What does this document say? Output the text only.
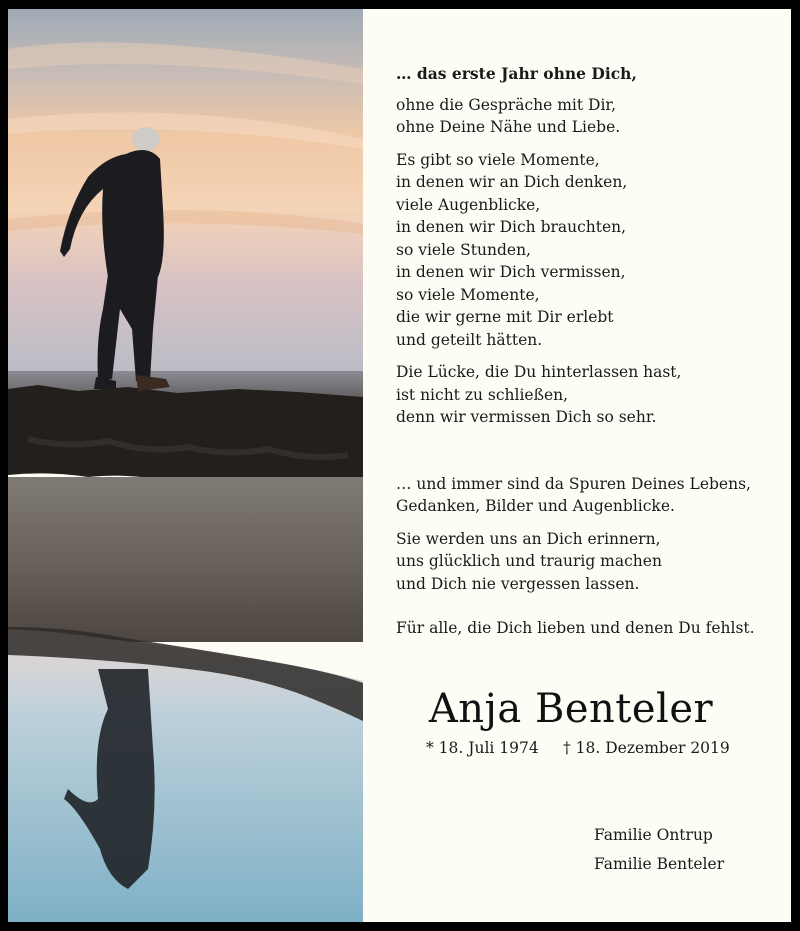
… das erste Jahr ohne Dich,

ohne die Gespräche mit Dir,
ohne Deine Nähe und Liebe.

Es gibt so viele Momente,
in denen wir an Dich denken,
viele Augenblicke,
in denen wir Dich brauchten,
so viele Stunden,
in denen wir Dich vermissen,
so viele Momente,
die wir gerne mit Dir erlebt
und geteilt hätten.

Die Lücke, die Du hinterlassen hast,
ist nicht zu schließen,
denn wir vermissen Dich so sehr.

… und immer sind da Spuren Deines Lebens,
Gedanken, Bilder und Augenblicke.

Sie werden uns an Dich erinnern,
uns glücklich und traurig machen
und Dich nie vergessen lassen.

Für alle, die Dich lieben und denen Du fehlst.

Anja Benteler
* 18. Juli 1974 † 18. Dezember 2019
Familie Ontrup
Familie Benteler
